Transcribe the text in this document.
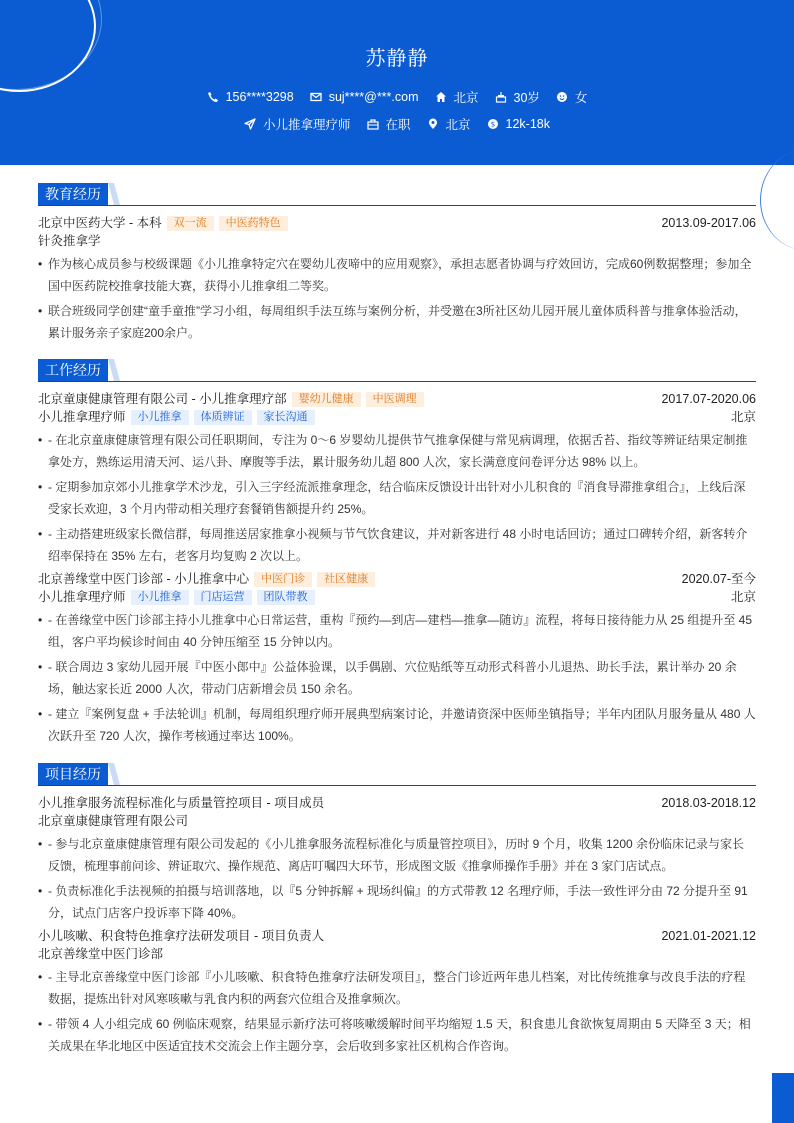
苏静静
156****3298	suj****@***.com	北京	30岁	女
小儿推拿理疗师	在职	北京	$ 12k-18k
教育经历
北京中医药大学 - 本科	双一流	中医药特色	2013.09-2017.06
针灸推拿学
• 作为核心成员参与校级课题《小儿推拿特定穴在婴幼儿夜啼中的应用观察》，承担志愿者协调与疗效回访，完成60例数据整理；参加全国中医药院校推拿技能大赛，获得小儿推拿组二等奖。
• 联合班级同学创建“童手童推”学习小组，每周组织手法互练与案例分析，并受邀在3所社区幼儿园开展儿童体质科普与推拿体验活动，累计服务亲子家庭200余户。
工作经历
北京童康健康管理有限公司 - 小儿推拿理疗部	婴幼儿健康	中医调理	2017.07-2020.06
小儿推拿理疗师	小儿推拿	体质辨证	家长沟通	北京
• - 在北京童康健康管理有限公司任职期间，专注为 0～6 岁婴幼儿提供节气推拿保健与常见病调理，依据舌苔、指纹等辨证结果定制推拿处方，熟练运用清天河、运八卦、摩腹等手法，累计服务幼儿超 800 人次，家长满意度问卷评分达 98% 以上。
• - 定期参加京郊小儿推拿学术沙龙，引入三字经流派推拿理念，结合临床反馈设计出针对小儿积食的『消食导滞推拿组合』，上线后深受家长欢迎，3 个月内带动相关理疗套餐销售额提升约 25%。
• - 主动搭建班级家长微信群，每周推送居家推拿小视频与节气饮食建议，并对新客进行 48 小时电话回访；通过口碑转介绍，新客转介绍率保持在 35% 左右，老客月均复购 2 次以上。
北京善缘堂中医门诊部 - 小儿推拿中心	中医门诊	社区健康	2020.07-至今
小儿推拿理疗师	小儿推拿	门店运营	团队带教	北京
• - 在善缘堂中医门诊部主持小儿推拿中心日常运营，重构『预约—到店—建档—推拿—随访』流程，将每日接待能力从 25 组提升至 45 组，客户平均候诊时间由 40 分钟压缩至 15 分钟以内。
• - 联合周边 3 家幼儿园开展『中医小郎中』公益体验课，以手偶剧、穴位贴纸等互动形式科普小儿退热、助长手法，累计举办 20 余场，触达家长近 2000 人次，带动门店新增会员 150 余名。
• - 建立『案例复盘 + 手法轮训』机制，每周组织理疗师开展典型病案讨论，并邀请资深中医师坐镇指导；半年内团队月服务量从 480 人次跃升至 720 人次，操作考核通过率达 100%。
项目经历
小儿推拿服务流程标准化与质量管控项目 - 项目成员	2018.03-2018.12
北京童康健康管理有限公司
• - 参与北京童康健康管理有限公司发起的《小儿推拿服务流程标准化与质量管控项目》，历时 9 个月，收集 1200 余份临床记录与家长反馈，梳理事前问诊、辨证取穴、操作规范、离店叮嘱四大环节，形成图文版《推拿师操作手册》并在 3 家门店试点。
• - 负责标准化手法视频的拍摄与培训落地，以『5 分钟拆解 + 现场纠偏』的方式带教 12 名理疗师，手法一致性评分由 72 分提升至 91 分，试点门店客户投诉率下降 40%。
小儿咳嗽、积食特色推拿疗法研发项目 - 项目负责人	2021.01-2021.12
北京善缘堂中医门诊部
• - 主导北京善缘堂中医门诊部『小儿咳嗽、积食特色推拿疗法研发项目』，整合门诊近两年患儿档案，对比传统推拿与改良手法的疗程数据，提炼出针对风寒咳嗽与乳食内积的两套穴位组合及推拿频次。
• - 带领 4 人小组完成 60 例临床观察，结果显示新疗法可将咳嗽缓解时间平均缩短 1.5 天，积食患儿食欲恢复周期由 5 天降至 3 天；相关成果在华北地区中医适宜技术交流会上作主题分享，会后收到多家社区机构合作咨询。
